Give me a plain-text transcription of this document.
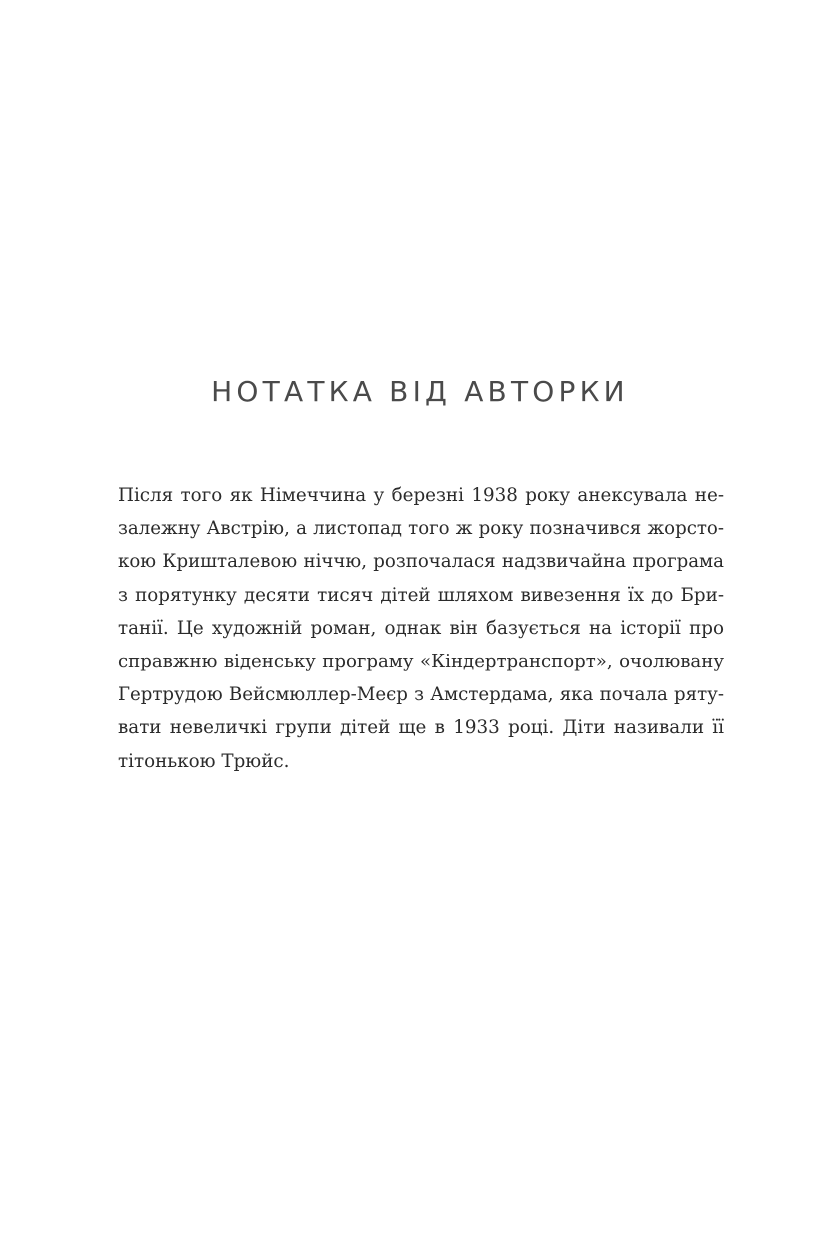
НОТАТКА ВІД АВТОРКИ
Після того як Німеччина у березні 1938 року анексувала не-
залежну Австрію, а листопад того ж року позначився жорсто-
кою Кришталевою ніччю, розпочалася надзвичайна програма
з порятунку десяти тисяч дітей шляхом вивезення їх до Бри-
танії. Це художній роман, однак він базується на історії про
справжню віденську програму «Кіндертранспорт», очолювану
Гертрудою Вейсмюллер-Меєр з Амстердама, яка почала ряту-
вати невеличкі групи дітей ще в 1933 році. Діти називали її
тітонькою Трюйс.
